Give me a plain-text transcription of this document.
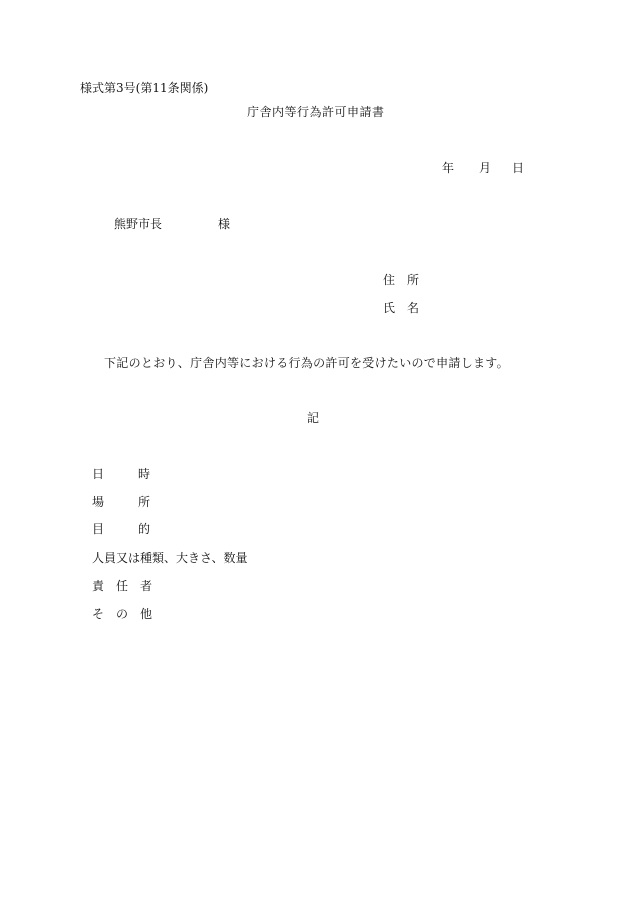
様式第3号(第11条関係)
庁舎内等行為許可申請書
年 月 日
熊野市長	様
住所
氏名
下記のとおり、庁舎内等における行為の許可を受けたいので申請します。
記
日時
場所
目的
人員又は種類、大きさ、数量
責任者
その他
